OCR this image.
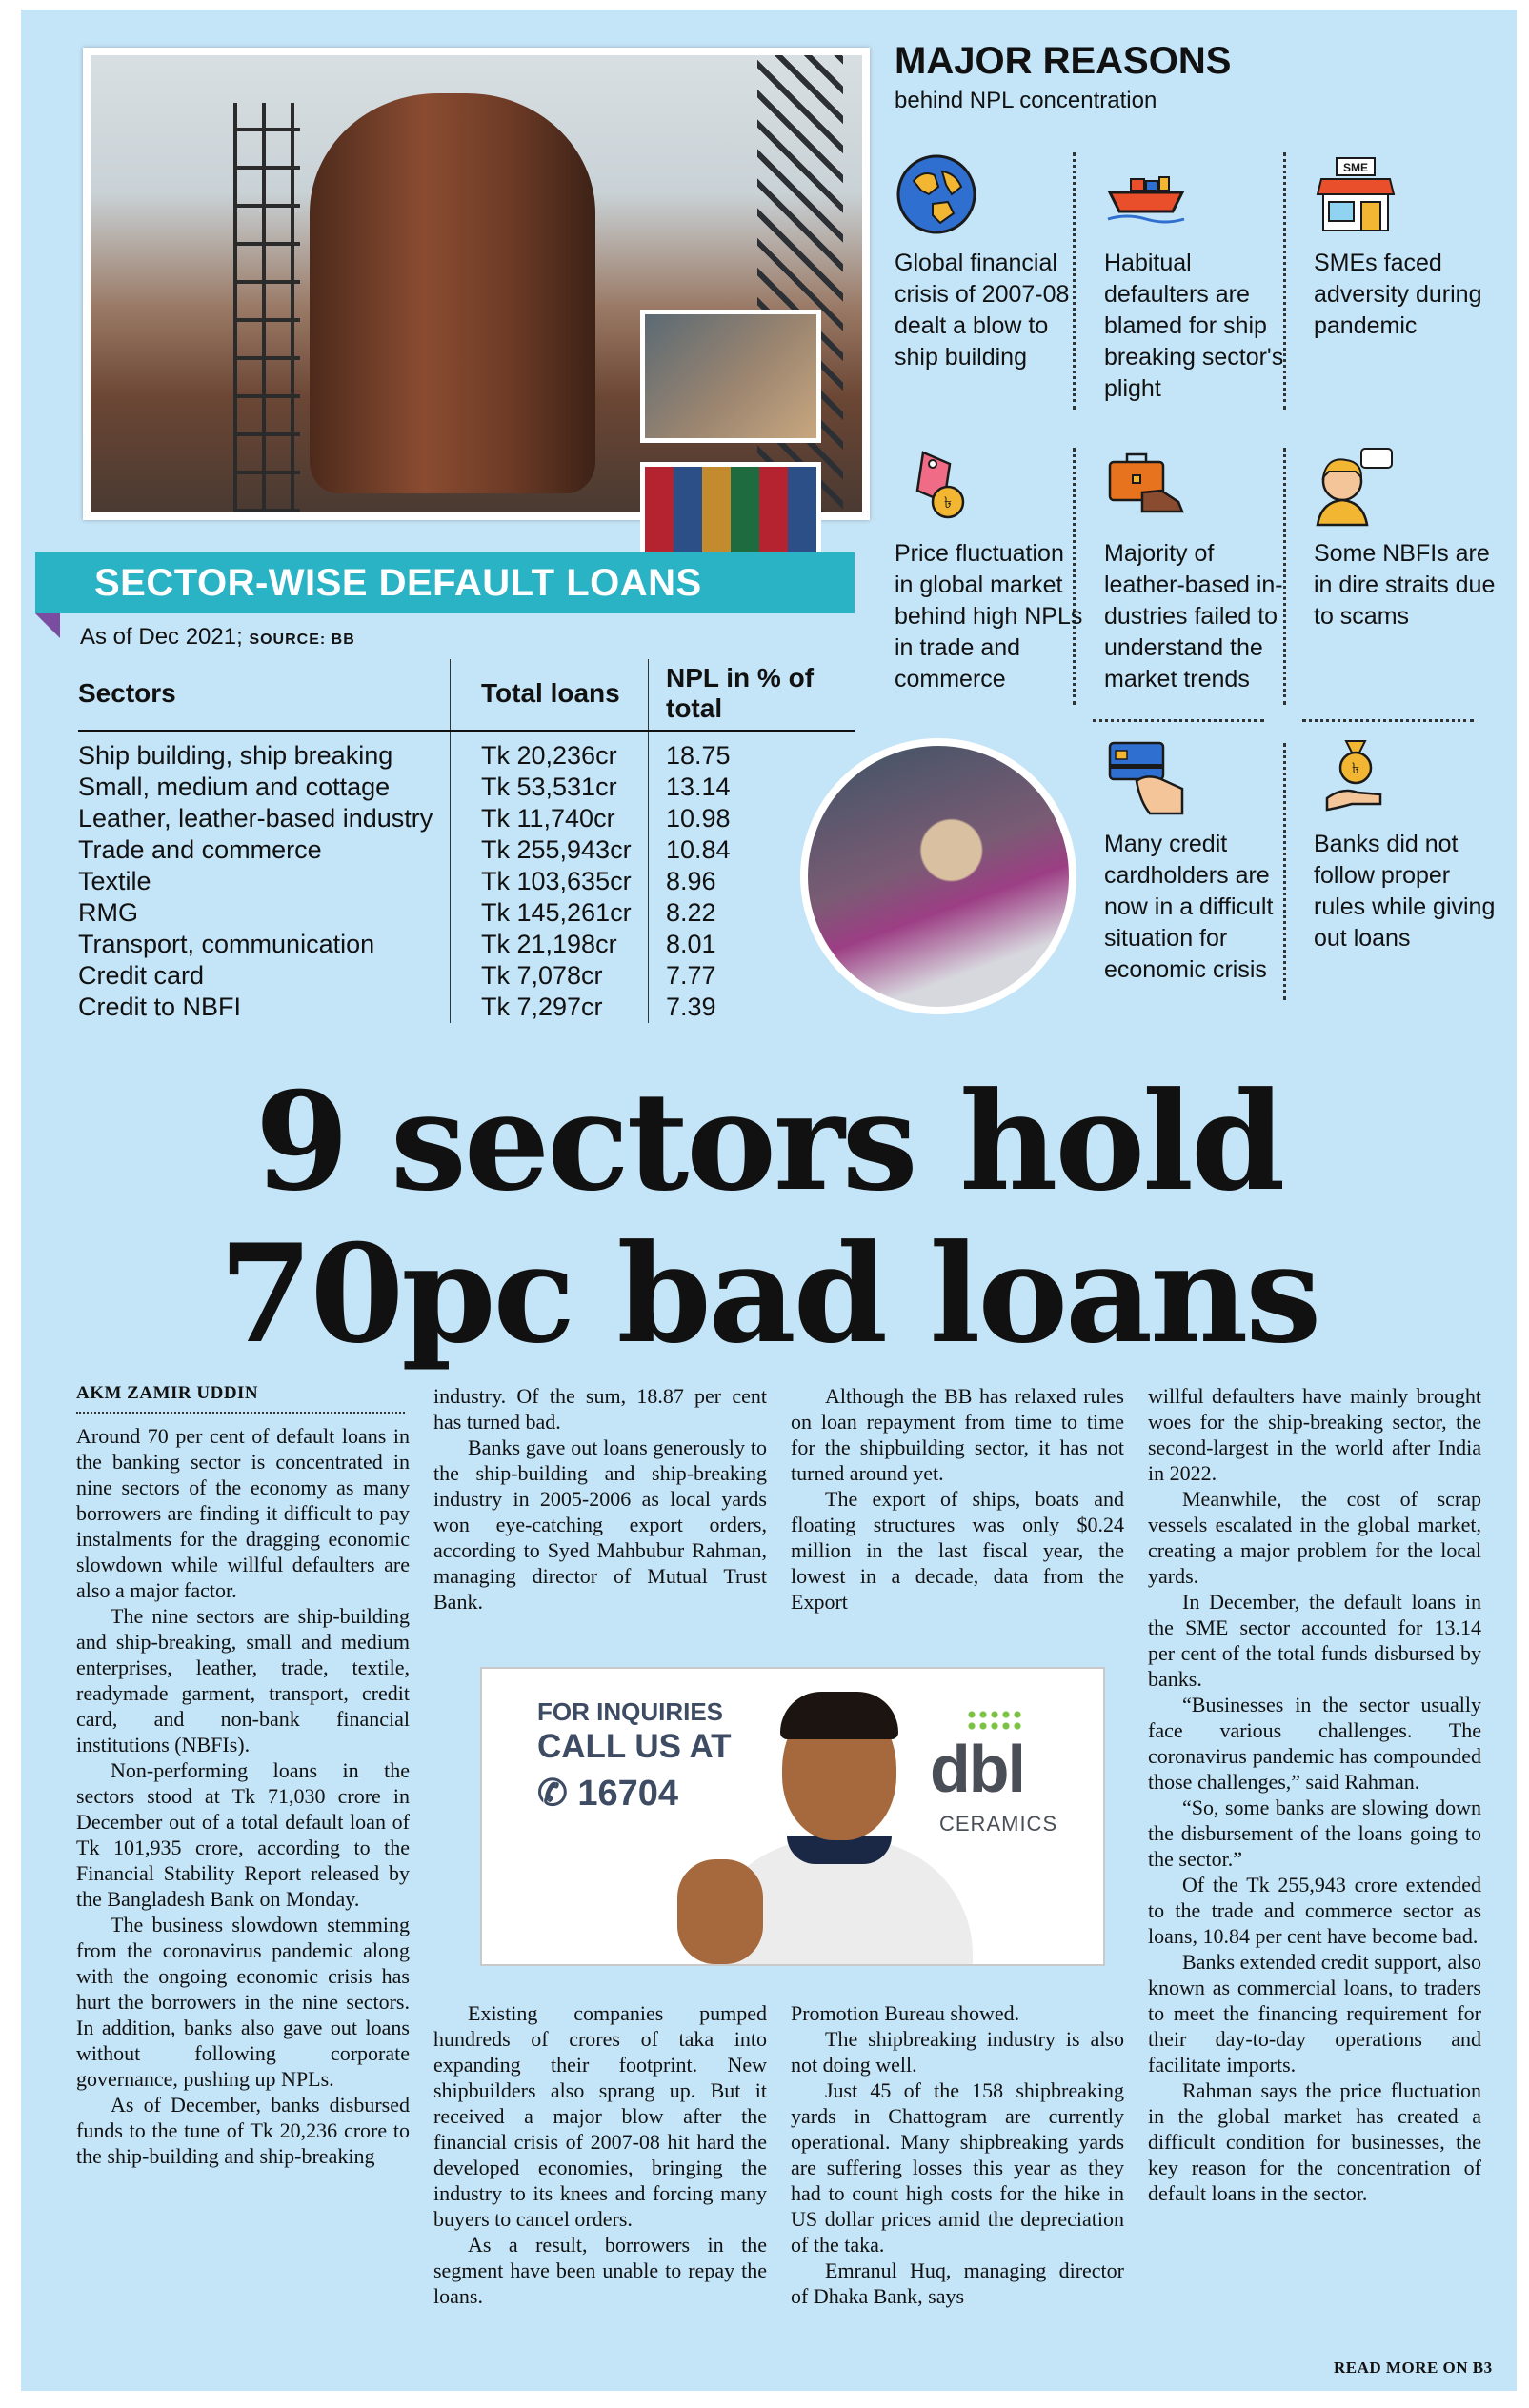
SECTOR-WISE DEFAULT LOANS
As of Dec 2021; SOURCE: BB
Sectors	Total loans	NPL in % of total
Ship building, ship breaking	Tk 20,236cr	18.75
Small, medium and cottage	Tk 53,531cr	13.14
Leather, leather-based industry	Tk 11,740cr	10.98
Trade and commerce	Tk 255,943cr	10.84
Textile	Tk 103,635cr	8.96
RMG	Tk 145,261cr	8.22
Transport, communication	Tk 21,198cr	8.01
Credit card	Tk 7,078cr	7.77
Credit to NBFI	Tk 7,297cr	7.39
MAJOR REASONS
behind NPL concentration
Global financial crisis of 2007-08 dealt a blow to ship building
Habitual defaulters are blamed for ship breaking sector's plight
SME
SMEs faced adversity during pandemic
৳
Price fluctuation in global market behind high NPLs in trade and commerce
Majority of leather-based in-dustries failed to understand the market trends
Some NBFIs are in dire straits due to scams
Many credit cardholders are now in a difficult situation for economic crisis
৳
Banks did not follow proper rules while giving out loans
9 sectors hold
70pc bad loans
AKM ZAMIR UDDIN

Around 70 per cent of default loans in the banking sector is concentrated in nine sectors of the economy as many borrowers are finding it difficult to pay instalments for the dragging economic slowdown while willful defaulters are also a major factor.

The nine sectors are ship-building and ship-breaking, small and medium enterprises, leather, trade, textile, readymade garment, transport, credit card, and non-bank financial institutions (NBFIs).

Non-performing loans in the sectors stood at Tk 71,030 crore in December out of a total default loan of Tk 101,935 crore, according to the Financial Stability Report released by the Bangladesh Bank on Monday.

The business slowdown stemming from the coronavirus pandemic along with the ongoing economic crisis has hurt the borrowers in the nine sectors. In addition, banks also gave out loans without following corporate governance, pushing up NPLs.

As of December, banks disbursed funds to the tune of Tk 20,236 crore to the ship-building and ship-breaking

industry. Of the sum, 18.87 per cent has turned bad.

Banks gave out loans generously to the ship-building and ship-breaking industry in 2005-2006 as local yards won eye-catching export orders, according to Syed Mahbubur Rahman, managing director of Mutual Trust Bank.

Existing companies pumped hundreds of crores of taka into expanding their footprint. New shipbuilders also sprang up. But it received a major blow after the financial crisis of 2007-08 hit hard the developed economies, bringing the industry to its knees and forcing many buyers to cancel orders.

As a result, borrowers in the segment have been unable to repay the loans.

Although the BB has relaxed rules on loan repayment from time to time for the shipbuilding sector, it has not turned around yet.

The export of ships, boats and floating structures was only $0.24 million in the last fiscal year, the lowest in a decade, data from the Export

Promotion Bureau showed.

The shipbreaking industry is also not doing well.

Just 45 of the 158 shipbreaking yards in Chattogram are currently operational. Many shipbreaking yards are suffering losses this year as they had to count high costs for the hike in US dollar prices amid the depreciation of the taka.

Emranul Huq, managing director of Dhaka Bank, says

willful defaulters have mainly brought woes for the ship-breaking sector, the second-largest in the world after India in 2022.

Meanwhile, the cost of scrap vessels escalated in the global market, creating a major problem for the local yards.

In December, the default loans in the SME sector accounted for 13.14 per cent of the total funds disbursed by banks.

“Businesses in the sector usually face various challenges. The coronavirus pandemic has compounded those challenges,” said Rahman.

“So, some banks are slowing down the disbursement of the loans going to the sector.”

Of the Tk 255,943 crore extended to the trade and commerce sector as loans, 10.84 per cent have become bad.

Banks extended credit support, also known as commercial loans, to traders to meet the financing requirement for their day-to-day operations and facilitate imports.

Rahman says the price fluctuation in the global market has created a difficult condition for businesses, the key reason for the concentration of default loans in the sector.

READ MORE ON B3
FOR INQUIRIES
CALL US AT
✆ 16704	dbl
CERAMICS
